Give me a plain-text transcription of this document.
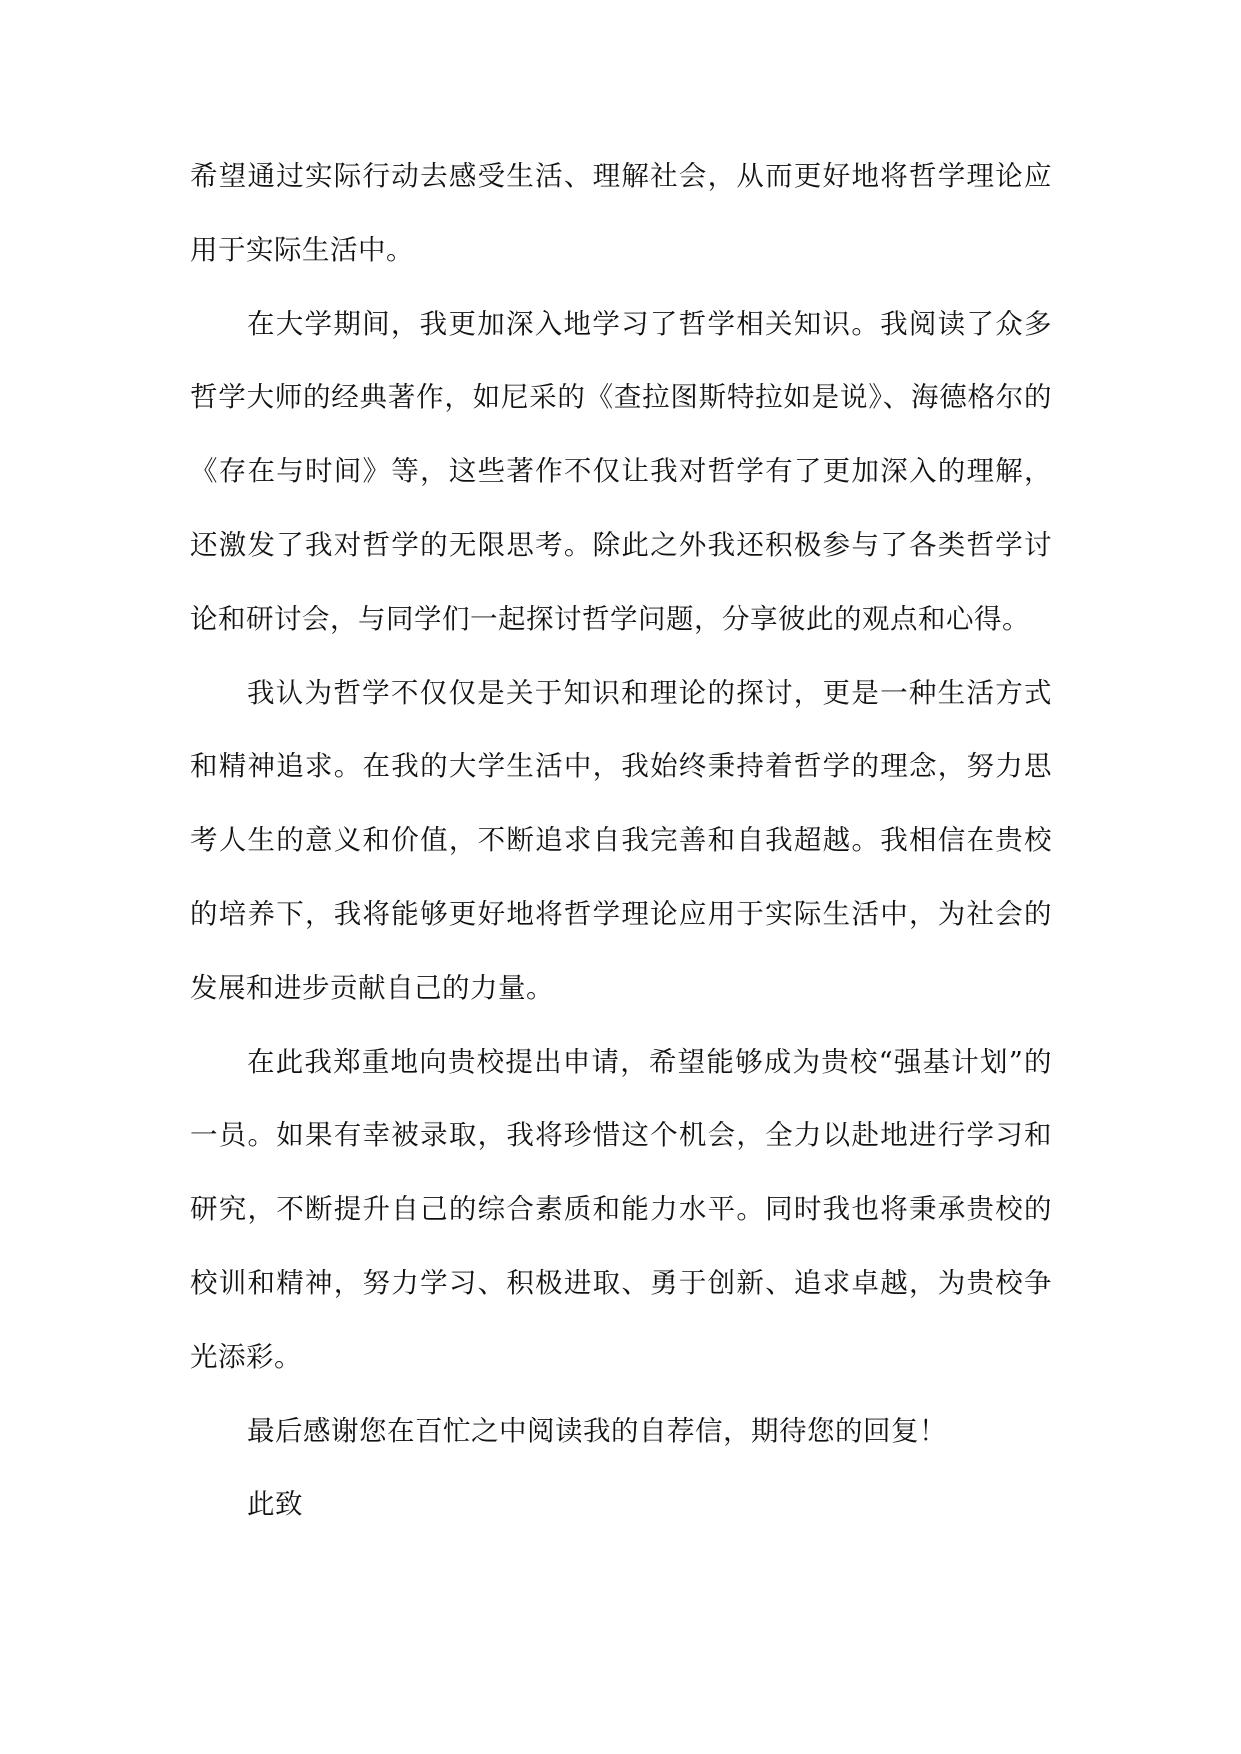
希望通过实际行动去感受生活、理解社会，从而更好地将哲学理论应用于实际生活中。

在大学期间，我更加深入地学习了哲学相关知识。我阅读了众多哲学大师的经典著作，如尼采的《查拉图斯特拉如是说》、海德格尔的《存在与时间》等，这些著作不仅让我对哲学有了更加深入的理解，还激发了我对哲学的无限思考。除此之外我还积极参与了各类哲学讨论和研讨会，与同学们一起探讨哲学问题，分享彼此的观点和心得。

我认为哲学不仅仅是关于知识和理论的探讨，更是一种生活方式和精神追求。在我的大学生活中，我始终秉持着哲学的理念，努力思考人生的意义和价值，不断追求自我完善和自我超越。我相信在贵校的培养下，我将能够更好地将哲学理论应用于实际生活中，为社会的发展和进步贡献自己的力量。

在此我郑重地向贵校提出申请，希望能够成为贵校“强基计划”的一员。如果有幸被录取，我将珍惜这个机会，全力以赴地进行学习和研究，不断提升自己的综合素质和能力水平。同时我也将秉承贵校的校训和精神，努力学习、积极进取、勇于创新、追求卓越，为贵校争光添彩。

最后感谢您在百忙之中阅读我的自荐信，期待您的回复！

此致
